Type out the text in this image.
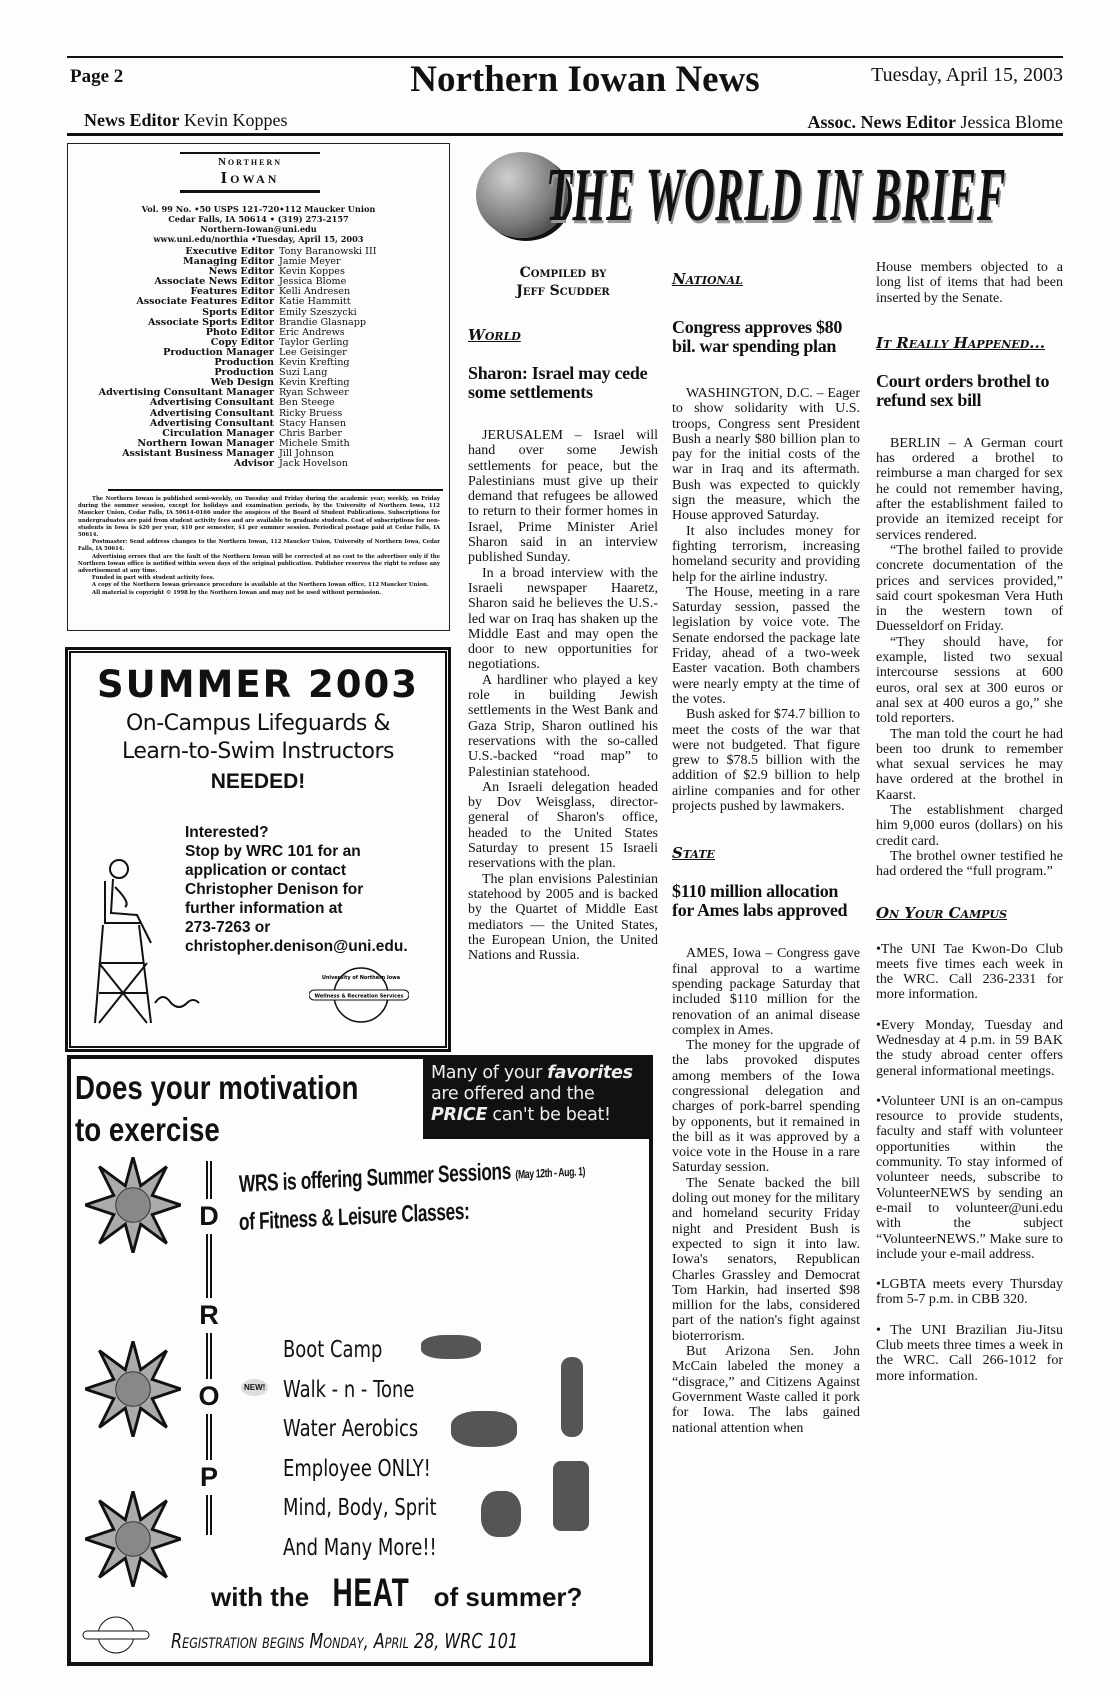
Page 2	Northern Iowan News	Tuesday, April 15, 2003
News Editor Kevin Koppes	Assoc. News Editor Jessica Blome
Northern
Iowan
Vol. 99 No. •50 USPS 121-720•112 Maucker Union
Cedar Falls, IA 50614 • (319) 273-2157
Northern-Iowan@uni.edu
www.uni.edu/northia •Tuesday, April 15, 2003
Executive Editor Tony Baranowski III
Managing Editor Jamie Meyer
News Editor Kevin Koppes
Associate News Editor Jessica Blome
Features Editor Kelli Andresen
Associate Features Editor Katie Hammitt
Sports Editor Emily Szeszycki
Associate Sports Editor Brandie Glasnapp
Photo Editor Eric Andrews
Copy Editor Taylor Gerling
Production Manager Lee Geisinger
Production Kevin Krefting
Production Suzi Lang
Web Design Kevin Krefting
Advertising Consultant Manager Ryan Schweer
Advertising Consultant Ben Steege
Advertising Consultant Ricky Bruess
Advertising Consultant Stacy Hansen
Circulation Manager Chris Barber
Northern Iowan Manager Michele Smith
Assistant Business Manager Jill Johnson
Advisor Jack Hovelson

The Northern Iowan is published semi-weekly, on Tuesday and Friday during the academic year; weekly, on Friday during the summer session, except for holidays and examination periods, by the University of Northern Iowa, 112 Maucker Union, Cedar Falls, IA 50614-0166 under the auspices of the Board of Student Publications. Subscriptions for undergraduates are paid from student activity fees and are available to graduate students. Cost of subscriptions for non-students in Iowa is $20 per year, $10 per semester, $1 per summer session. Periodical postage paid at Cedar Falls, IA 50614.

Postmaster: Send address changes to the Northern Iowan, 112 Maucker Union, University of Northern Iowa, Cedar Falls, IA 50614.

Advertising errors that are the fault of the Northern Iowan will be corrected at no cost to the advertiser only if the Northern Iowan office is notified within seven days of the original publication. Publisher reserves the right to refuse any advertisement at any time.

Funded in part with student activity fees.

A copy of the Northern Iowan grievance procedure is available at the Northern Iowan office, 112 Maucker Union.

All material is copyright © 1998 by the Northern Iowan and may not be used without permission.

SUMMER 2003
On-Campus Lifeguards &
Learn-to-Swim Instructors
NEEDED!
Interested?
Stop by WRC 101 for an
application or contact
Christopher Denison for
further information at
273-7263 or
christopher.denison@uni.edu.
Wellness & Recreation Services
University of Northern Iowa
Does your motivation
to exercise
Many of your favorites
are offered and the
PRICE can't be beat!
D
R
O
P
WRS is offering Summer Sessions (May 12th - Aug. 1)
of Fitness & Leisure Classes:
NEW!

Boot Camp

Walk - n - Tone

Water Aerobics

Employee ONLY!

Mind, Body, Sprit

And Many More!!

with the HEAT of summer?
Registration begins Monday, April 28, WRC 101
THE WORLD IN BRIEF
Compiled by
Jeff Scudder
World
Sharon: Israel may cede some settlements

JERUSALEM – Israel will hand over some Jewish settlements for peace, but the Palestinians must give up their demand that refugees be allowed to return to their former homes in Israel, Prime Minister Ariel Sharon said in an interview published Sunday.

In a broad interview with the Israeli newspaper Haaretz, Sharon said he believes the U.S.-led war on Iraq has shaken up the Middle East and may open the door to new opportunities for negotiations.

A hardliner who played a key role in building Jewish settlements in the West Bank and Gaza Strip, Sharon outlined his reservations with the so-called U.S.-backed “road map” to Palestinian statehood.

An Israeli delegation headed by Dov Weisglass, director-general of Sharon's office, headed to the United States Saturday to present 15 Israeli reservations with the plan.

The plan envisions Palestinian statehood by 2005 and is backed by the Quartet of Middle East mediators — the United States, the European Union, the United Nations and Russia.

National
Congress approves $80 bil. war spending plan

WASHINGTON, D.C. – Eager to show solidarity with U.S. troops, Congress sent President Bush a nearly $80 billion plan to pay for the initial costs of the war in Iraq and its aftermath. Bush was expected to quickly sign the measure, which the House approved Saturday.

It also includes money for fighting terrorism, increasing homeland security and providing help for the airline industry.

The House, meeting in a rare Saturday session, passed the legislation by voice vote. The Senate endorsed the package late Friday, ahead of a two-week Easter vacation. Both chambers were nearly empty at the time of the votes.

Bush asked for $74.7 billion to meet the costs of the war that were not budgeted. That figure grew to $78.5 billion with the addition of $2.9 billion to help airline companies and for other projects pushed by lawmakers.

State
$110 million allocation for Ames labs approved

AMES, Iowa – Congress gave final approval to a wartime spending package Saturday that included $110 million for the renovation of an animal disease complex in Ames.

The money for the upgrade of the labs provoked disputes among members of the Iowa congressional delegation and charges of pork-barrel spending by opponents, but it remained in the bill as it was approved by a voice vote in the House in a rare Saturday session.

The Senate backed the bill doling out money for the military and homeland security Friday night and President Bush is expected to sign it into law. Iowa's senators, Republican Charles Grassley and Democrat Tom Harkin, had inserted $98 million for the labs, considered part of the nation's fight against bioterrorism.

But Arizona Sen. John McCain labeled the money a “disgrace,” and Citizens Against Government Waste called it pork for Iowa. The labs gained national attention when

House members objected to a long list of items that had been inserted by the Senate.

It Really Happened...
Court orders brothel to refund sex bill

BERLIN – A German court has ordered a brothel to reimburse a man charged for sex he could not remember having, after the establishment failed to provide an itemized receipt for services rendered.

“The brothel failed to provide concrete documentation of the prices and services provided,” said court spokesman Vera Huth in the western town of Duesseldorf on Friday.

“They should have, for example, listed two sexual intercourse sessions at 600 euros, oral sex at 300 euros or anal sex at 400 euros a go,” she told reporters.

The man told the court he had been too drunk to remember what sexual services he may have ordered at the brothel in Kaarst.

The establishment charged him 9,000 euros (dollars) on his credit card.

The brothel owner testified he had ordered the “full program.”

On Your Campus

•The UNI Tae Kwon-Do Club meets five times each week in the WRC. Call 236-2331 for more information.

•Every Monday, Tuesday and Wednesday at 4 p.m. in 59 BAK the study abroad center offers general informational meetings.

•Volunteer UNI is an on-campus resource to provide students, faculty and staff with volunteer opportunities within the community. To stay informed of volunteer needs, subscribe to VolunteerNEWS by sending an e-mail to volunteer@uni.edu with the subject “VolunteerNEWS.” Make sure to include your e-mail address.

•LGBTA meets every Thursday from 5-7 p.m. in CBB 320.

• The UNI Brazilian Jiu-Jitsu Club meets three times a week in the WRC. Call 266-1012 for more information.
